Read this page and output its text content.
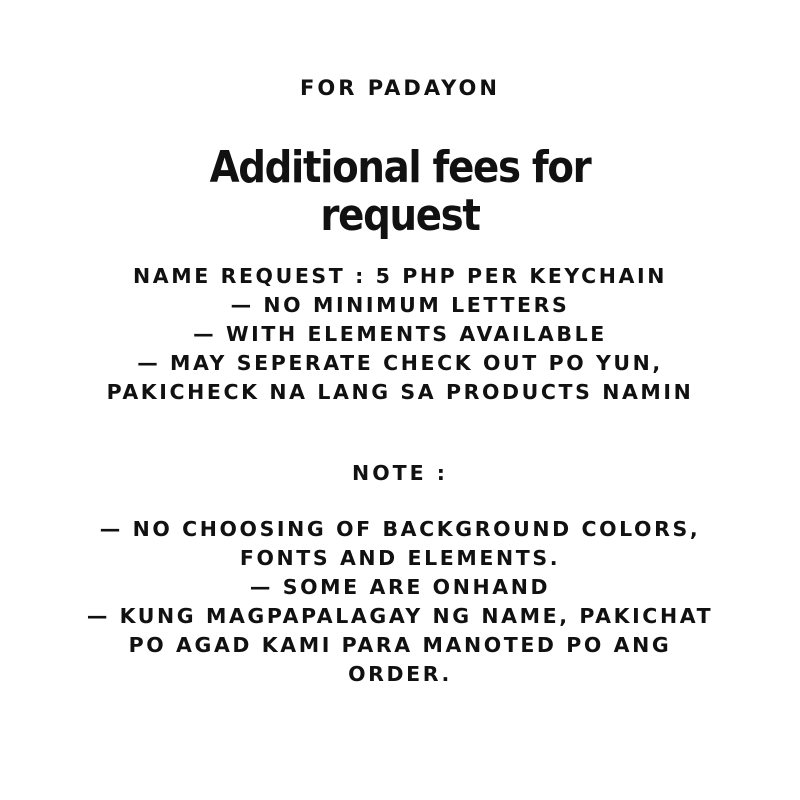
FOR PADAYON
Additional fees for
request
NAME REQUEST : 5 PHP PER KEYCHAIN
— NO MINIMUM LETTERS
— WITH ELEMENTS AVAILABLE
— MAY SEPERATE CHECK OUT PO YUN,
PAKICHECK NA LANG SA PRODUCTS NAMIN
NOTE :
— NO CHOOSING OF BACKGROUND COLORS,
FONTS AND ELEMENTS.
— SOME ARE ONHAND
— KUNG MAGPAPALAGAY NG NAME, PAKICHAT
PO AGAD KAMI PARA MANOTED PO ANG
ORDER.
